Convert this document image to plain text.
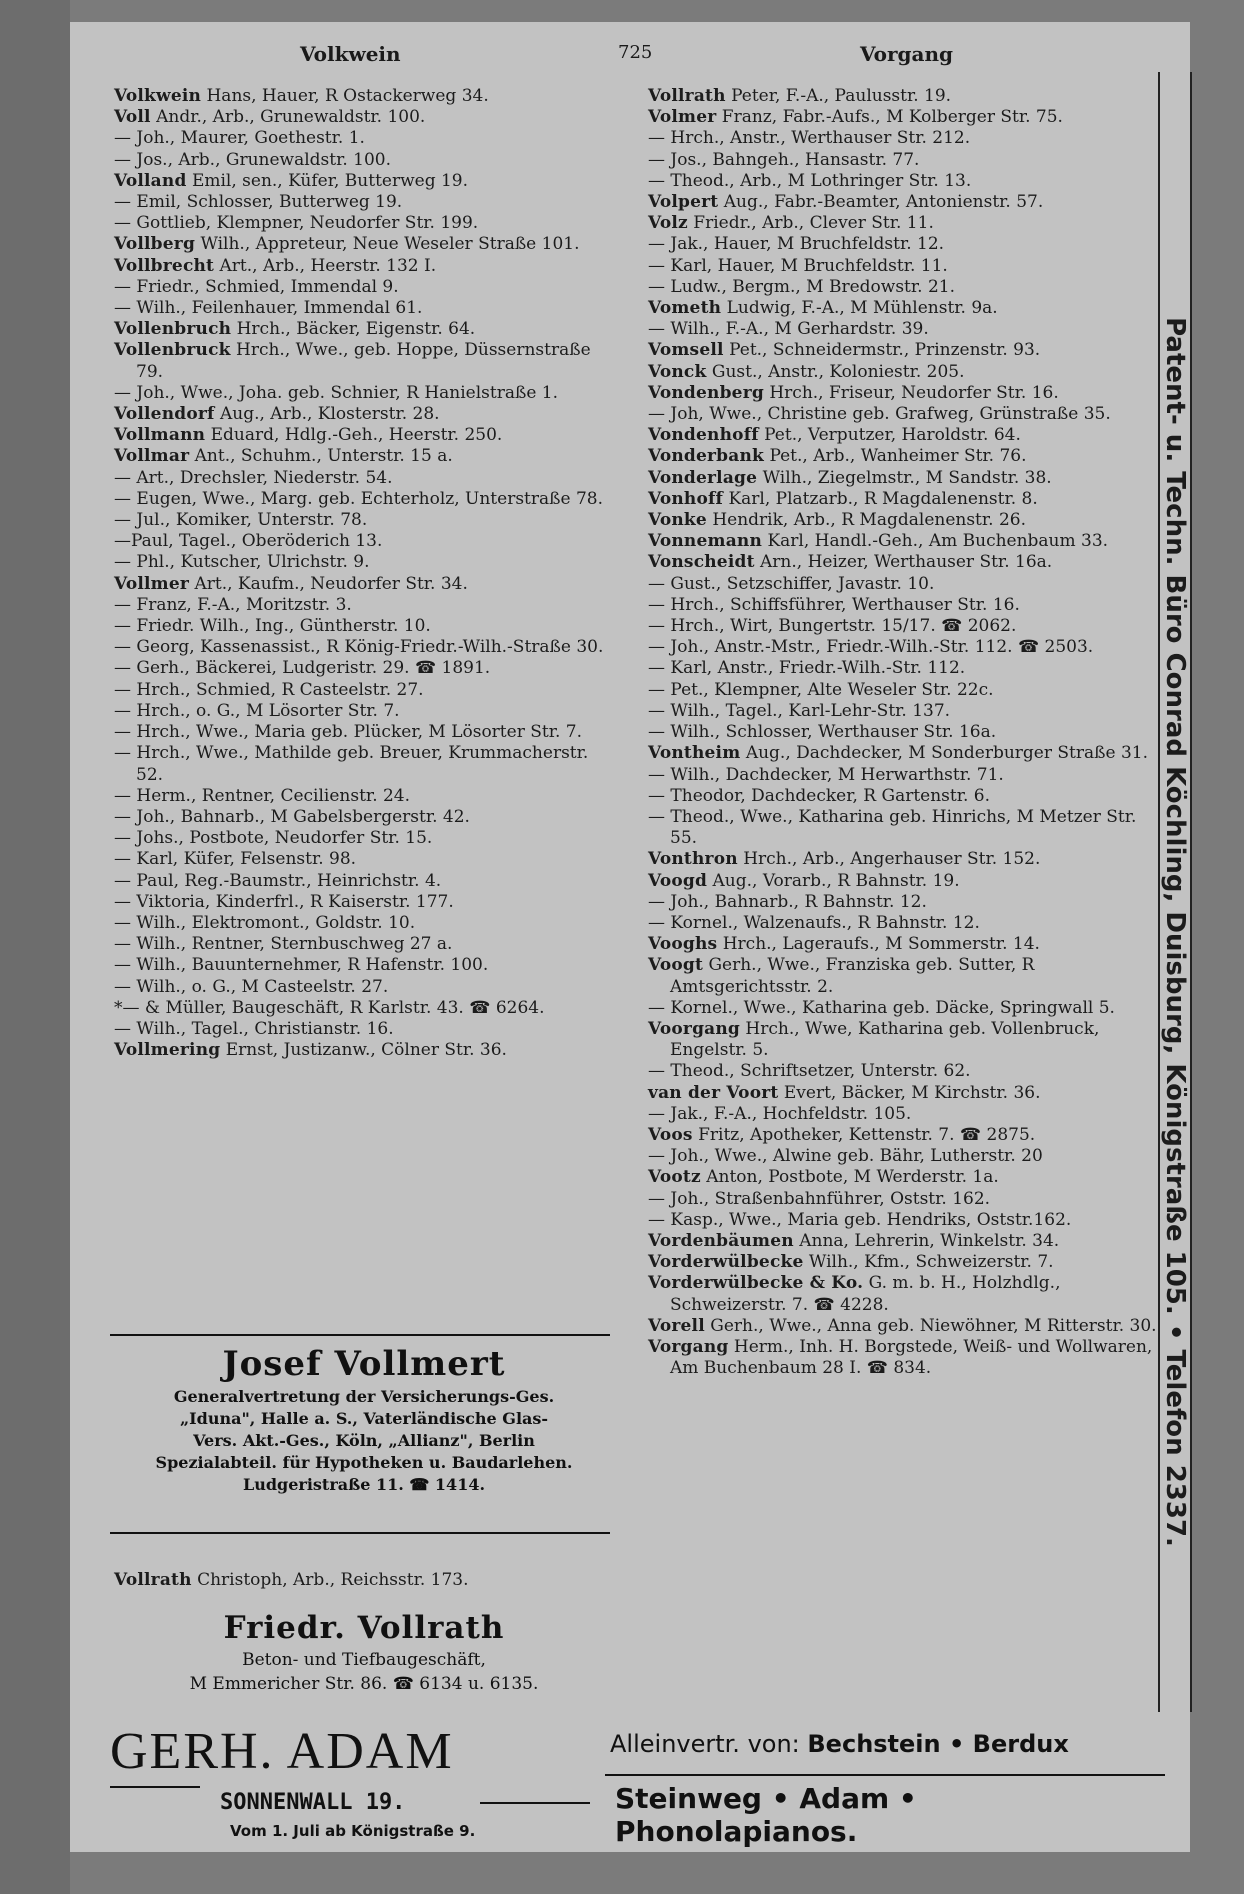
Volkwein	725	Vorgang

Volkwein Hans, Hauer, R Ostackerweg 34.

Voll Andr., Arb., Grunewaldstr. 100.

— Joh., Maurer, Goethestr. 1.

— Jos., Arb., Grunewaldstr. 100.

Volland Emil, sen., Küfer, Butterweg 19.

— Emil, Schlosser, Butterweg 19.

— Gottlieb, Klempner, Neudorfer Str. 199.

Vollberg Wilh., Appreteur, Neue Weseler Straße 101.

Vollbrecht Art., Arb., Heerstr. 132 I.

— Friedr., Schmied, Immendal 9.

— Wilh., Feilenhauer, Immendal 61.

Vollenbruch Hrch., Bäcker, Eigenstr. 64.

Vollenbruck Hrch., Wwe., geb. Hoppe, Düssernstraße 79.

— Joh., Wwe., Joha. geb. Schnier, R Hanielstraße 1.

Vollendorf Aug., Arb., Klosterstr. 28.

Vollmann Eduard, Hdlg.-Geh., Heerstr. 250.

Vollmar Ant., Schuhm., Unterstr. 15 a.

— Art., Drechsler, Niederstr. 54.

— Eugen, Wwe., Marg. geb. Echterholz, Unterstraße 78.

— Jul., Komiker, Unterstr. 78.

—Paul, Tagel., Oberöderich 13.

— Phl., Kutscher, Ulrichstr. 9.

Vollmer Art., Kaufm., Neudorfer Str. 34.

— Franz, F.-A., Moritzstr. 3.

— Friedr. Wilh., Ing., Güntherstr. 10.

— Georg, Kassenassist., R König-Friedr.-Wilh.-Straße 30.

— Gerh., Bäckerei, Ludgeristr. 29. ☎ 1891.

— Hrch., Schmied, R Casteelstr. 27.

— Hrch., o. G., M Lösorter Str. 7.

— Hrch., Wwe., Maria geb. Plücker, M Lösorter Str. 7.

— Hrch., Wwe., Mathilde geb. Breuer, Krummacherstr. 52.

— Herm., Rentner, Cecilienstr. 24.

— Joh., Bahnarb., M Gabelsbergerstr. 42.

— Johs., Postbote, Neudorfer Str. 15.

— Karl, Küfer, Felsenstr. 98.

— Paul, Reg.-Baumstr., Heinrichstr. 4.

— Viktoria, Kinderfrl., R Kaiserstr. 177.

— Wilh., Elektromont., Goldstr. 10.

— Wilh., Rentner, Sternbuschweg 27 a.

— Wilh., Bauunternehmer, R Hafenstr. 100.

— Wilh., o. G., M Casteelstr. 27.

*— & Müller, Baugeschäft, R Karlstr. 43. ☎ 6264.

— Wilh., Tagel., Christianstr. 16.

Vollmering Ernst, Justizanw., Cölner Str. 36.

Josef Vollmert
Generalvertretung der Versicherungs-Ges.
„Iduna", Halle a. S., Vaterländische Glas-
Vers. Akt.-Ges., Köln, „Allianz", Berlin
Spezialabteil. für Hypotheken u. Baudarlehen.
Ludgeristraße 11. ☎ 1414.

Vollrath Christoph, Arb., Reichsstr. 173.

Friedr. Vollrath
Beton- und Tiefbaugeschäft,
M Emmericher Str. 86. ☎ 6134 u. 6135.

Vollrath Peter, F.-A., Paulusstr. 19.

Volmer Franz, Fabr.-Aufs., M Kolberger Str. 75.

— Hrch., Anstr., Werthauser Str. 212.

— Jos., Bahngeh., Hansastr. 77.

— Theod., Arb., M Lothringer Str. 13.

Volpert Aug., Fabr.-Beamter, Antonienstr. 57.

Volz Friedr., Arb., Clever Str. 11.

— Jak., Hauer, M Bruchfeldstr. 12.

— Karl, Hauer, M Bruchfeldstr. 11.

— Ludw., Bergm., M Bredowstr. 21.

Vometh Ludwig, F.-A., M Mühlenstr. 9a.

— Wilh., F.-A., M Gerhardstr. 39.

Vomsell Pet., Schneidermstr., Prinzenstr. 93.

Vonck Gust., Anstr., Koloniestr. 205.

Vondenberg Hrch., Friseur, Neudorfer Str. 16.

— Joh, Wwe., Christine geb. Grafweg, Grünstraße 35.

Vondenhoff Pet., Verputzer, Haroldstr. 64.

Vonderbank Pet., Arb., Wanheimer Str. 76.

Vonderlage Wilh., Ziegelmstr., M Sandstr. 38.

Vonhoff Karl, Platzarb., R Magdalenenstr. 8.

Vonke Hendrik, Arb., R Magdalenenstr. 26.

Vonnemann Karl, Handl.-Geh., Am Buchenbaum 33.

Vonscheidt Arn., Heizer, Werthauser Str. 16a.

— Gust., Setzschiffer, Javastr. 10.

— Hrch., Schiffsführer, Werthauser Str. 16.

— Hrch., Wirt, Bungertstr. 15/17. ☎ 2062.

— Joh., Anstr.-Mstr., Friedr.-Wilh.-Str. 112. ☎ 2503.

— Karl, Anstr., Friedr.-Wilh.-Str. 112.

— Pet., Klempner, Alte Weseler Str. 22c.

— Wilh., Tagel., Karl-Lehr-Str. 137.

— Wilh., Schlosser, Werthauser Str. 16a.

Vontheim Aug., Dachdecker, M Sonderburger Straße 31.

— Wilh., Dachdecker, M Herwarthstr. 71.

— Theodor, Dachdecker, R Gartenstr. 6.

— Theod., Wwe., Katharina geb. Hinrichs, M Metzer Str. 55.

Vonthron Hrch., Arb., Angerhauser Str. 152.

Voogd Aug., Vorarb., R Bahnstr. 19.

— Joh., Bahnarb., R Bahnstr. 12.

— Kornel., Walzenaufs., R Bahnstr. 12.

Vooghs Hrch., Lageraufs., M Sommerstr. 14.

Voogt Gerh., Wwe., Franziska geb. Sutter, R Amtsgerichtsstr. 2.

— Kornel., Wwe., Katharina geb. Däcke, Springwall 5.

Voorgang Hrch., Wwe, Katharina geb. Vollenbruck, Engelstr. 5.

— Theod., Schriftsetzer, Unterstr. 62.

van der Voort Evert, Bäcker, M Kirchstr. 36.

— Jak., F.-A., Hochfeldstr. 105.

Voos Fritz, Apotheker, Kettenstr. 7. ☎ 2875.

— Joh., Wwe., Alwine geb. Bähr, Lutherstr. 20

Vootz Anton, Postbote, M Werderstr. 1a.

— Joh., Straßenbahnführer, Oststr. 162.

— Kasp., Wwe., Maria geb. Hendriks, Oststr.162.

Vordenbäumen Anna, Lehrerin, Winkelstr. 34.

Vorderwülbecke Wilh., Kfm., Schweizerstr. 7.

Vorderwülbecke & Ko. G. m. b. H., Holzhdlg., Schweizerstr. 7. ☎ 4228.

Vorell Gerh., Wwe., Anna geb. Niewöhner, M Ritterstr. 30.

Vorgang Herm., Inh. H. Borgstede, Weiß- und Wollwaren, Am Buchenbaum 28 I. ☎ 834.	Patent- u. Techn. Büro Conrad Köchling, Duisburg, Königstraße 105. • Telefon 2337.
GERH. ADAM
SONNENWALL 19.
Vom 1. Juli ab Königstraße 9.
Alleinvertr. von: Bechstein • Berdux
Steinweg • Adam • Phonolapianos.
